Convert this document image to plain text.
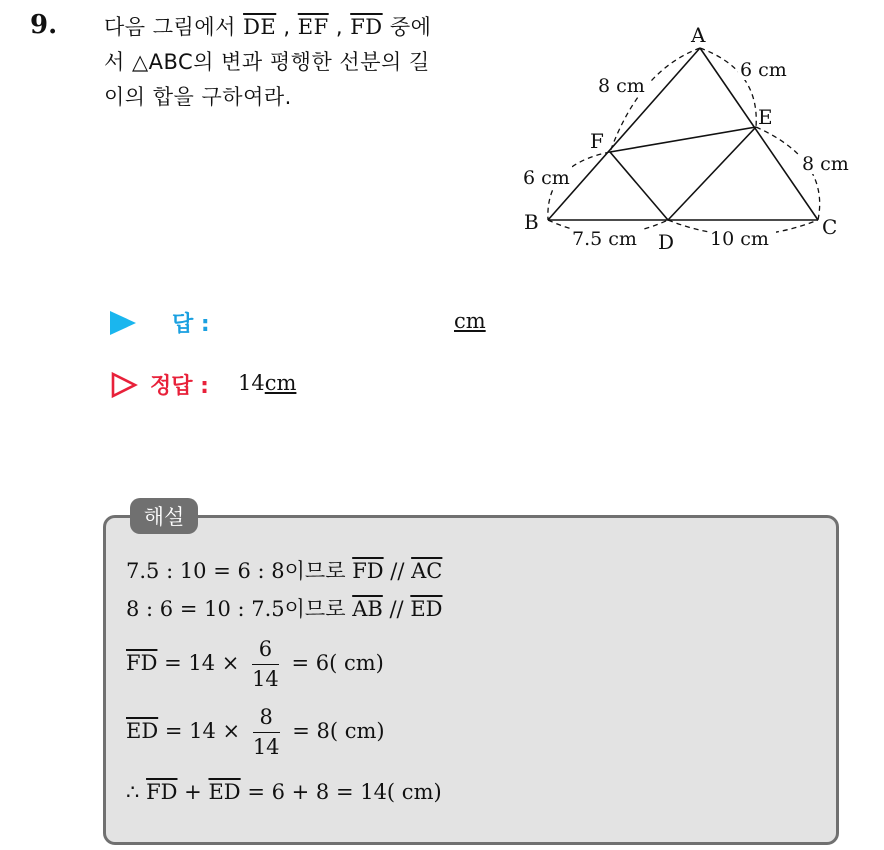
9. 다음 그림에서 $\overline{DE}$ , $\overline{EF}$ , $\overline{FD}$ 중에
서 △ABC의 변과 평행한 선분의 길
이의 합을 구하여라.
A
B	C
D
E
F
8 cm
6 cm
6 cm
8 cm
7.5 cm	10 cm
답 :	cm
정답 : 14cm
해설
7.5 : 10 = 6 : 8이므로 $\overline{FD} // \overline{AC}$
8 : 6 = 10 : 7.5이므로 $\overline{AB} // \overline{ED}$
$\overline{FD} = 14 \times \frac{6}{14} = 6$( cm)
$\overline{ED} = 14 \times \frac{8}{14} = 8$( cm)
∴ $\overline{FD} + \overline{ED} = 6 + 8 = 14$( cm)
